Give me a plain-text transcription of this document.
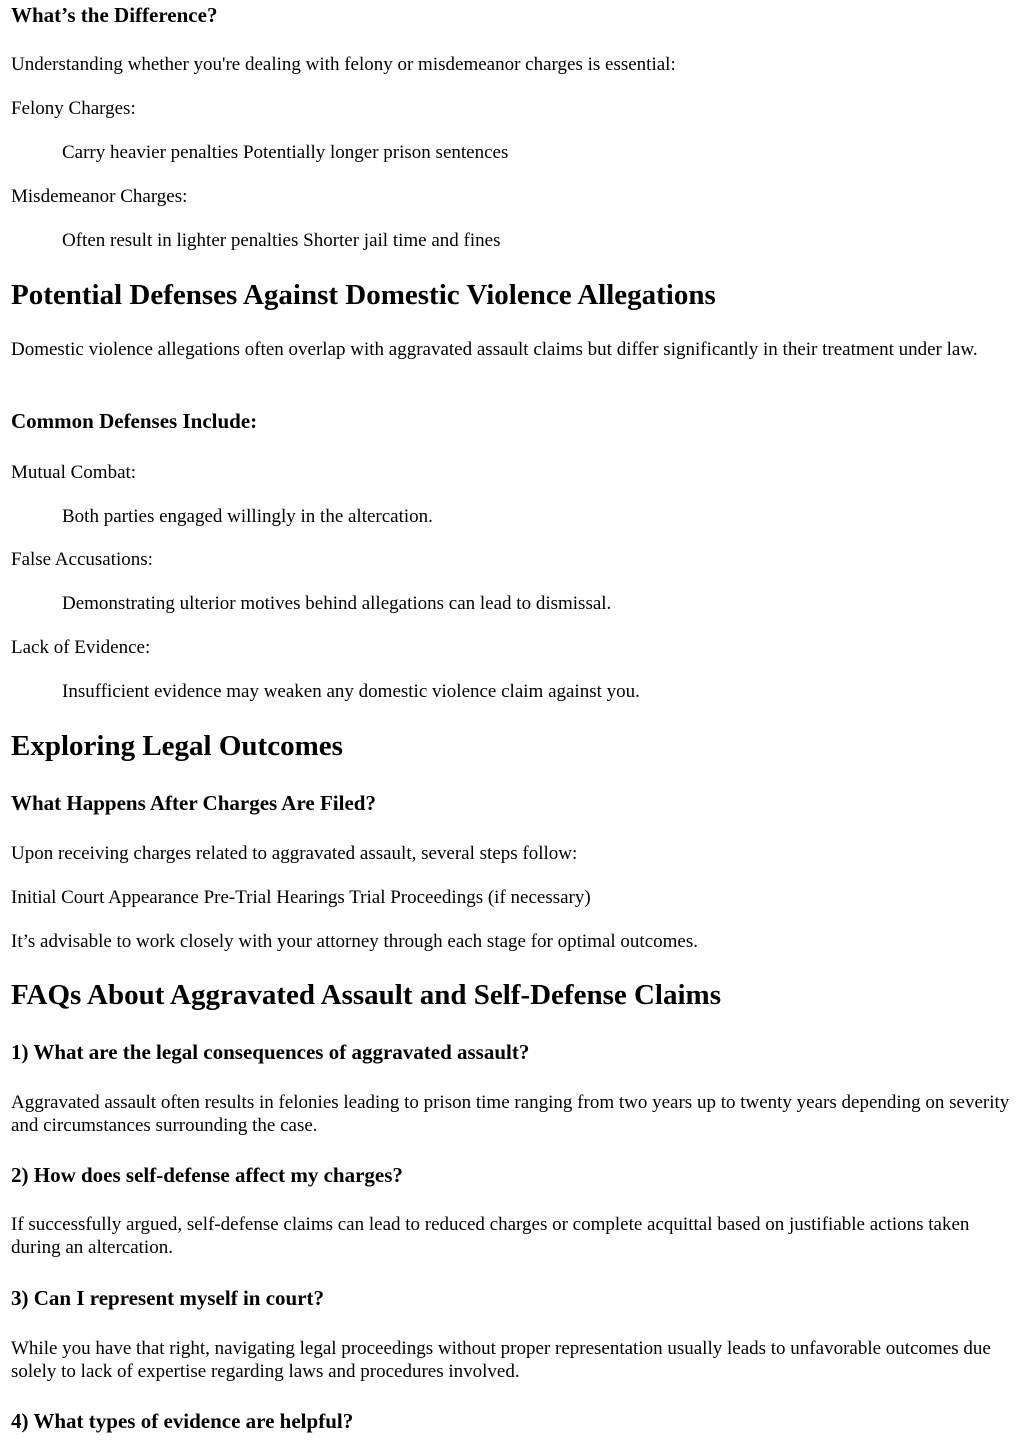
What’s the Difference?
Understanding whether you're dealing with felony or misdemeanor charges is essential:
Felony Charges:
Carry heavier penalties Potentially longer prison sentences
Misdemeanor Charges:
Often result in lighter penalties Shorter jail time and fines
Potential Defenses Against Domestic Violence Allegations
Domestic violence allegations often overlap with aggravated assault claims but differ significantly in their treatment under law.
Common Defenses Include:
Mutual Combat:
Both parties engaged willingly in the altercation.
False Accusations:
Demonstrating ulterior motives behind allegations can lead to dismissal.
Lack of Evidence:
Insufficient evidence may weaken any domestic violence claim against you.
Exploring Legal Outcomes
What Happens After Charges Are Filed?
Upon receiving charges related to aggravated assault, several steps follow:
Initial Court Appearance Pre-Trial Hearings Trial Proceedings (if necessary)
It’s advisable to work closely with your attorney through each stage for optimal outcomes.
FAQs About Aggravated Assault and Self-Defense Claims
1) What are the legal consequences of aggravated assault?
Aggravated assault often results in felonies leading to prison time ranging from two years up to twenty years depending on severity and circumstances surrounding the case.
2) How does self-defense affect my charges?
If successfully argued, self-defense claims can lead to reduced charges or complete acquittal based on justifiable actions taken during an altercation.
3) Can I represent myself in court?
While you have that right, navigating legal proceedings without proper representation usually leads to unfavorable outcomes due solely to lack of expertise regarding laws and procedures involved.
4) What types of evidence are helpful?
